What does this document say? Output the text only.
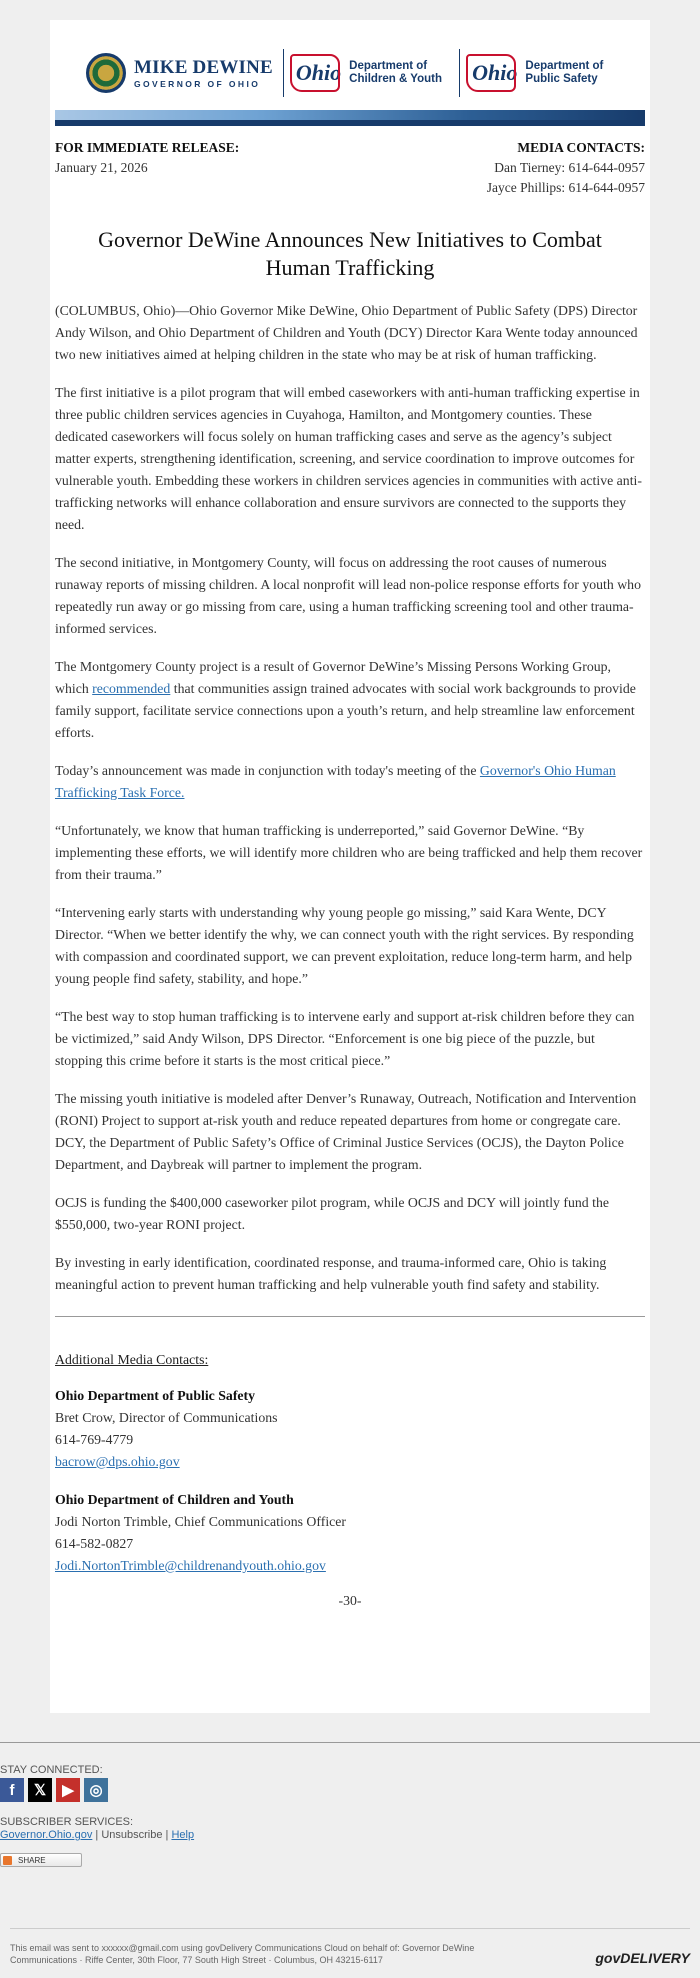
MIKE DEWINE
GOVERNOR OF OHIO	Ohio Department of Children & Youth	Ohio Department of Public Safety
FOR IMMEDIATE RELEASE:
January 21, 2026
MEDIA CONTACTS:
Dan Tierney: 614-644-0957
Jayce Phillips: 614-644-0957
Governor DeWine Announces New Initiatives to Combat Human Trafficking

(COLUMBUS, Ohio)—Ohio Governor Mike DeWine, Ohio Department of Public Safety (DPS) Director Andy Wilson, and Ohio Department of Children and Youth (DCY) Director Kara Wente today announced two new initiatives aimed at helping children in the state who may be at risk of human trafficking.

The first initiative is a pilot program that will embed caseworkers with anti-human trafficking expertise in three public children services agencies in Cuyahoga, Hamilton, and Montgomery counties. These dedicated caseworkers will focus solely on human trafficking cases and serve as the agency’s subject matter experts, strengthening identification, screening, and service coordination to improve outcomes for vulnerable youth. Embedding these workers in children services agencies in communities with active anti-trafficking networks will enhance collaboration and ensure survivors are connected to the supports they need.

The second initiative, in Montgomery County, will focus on addressing the root causes of numerous runaway reports of missing children. A local nonprofit will lead non-police response efforts for youth who repeatedly run away or go missing from care, using a human trafficking screening tool and other trauma-informed services.

The Montgomery County project is a result of Governor DeWine’s Missing Persons Working Group, which recommended that communities assign trained advocates with social work backgrounds to provide family support, facilitate service connections upon a youth’s return, and help streamline law enforcement efforts.

Today’s announcement was made in conjunction with today's meeting of the Governor's Ohio Human Trafficking Task Force.

“Unfortunately, we know that human trafficking is underreported,” said Governor DeWine. “By implementing these efforts, we will identify more children who are being trafficked and help them recover from their trauma.”

“Intervening early starts with understanding why young people go missing,” said Kara Wente, DCY Director. “When we better identify the why, we can connect youth with the right services. By responding with compassion and coordinated support, we can prevent exploitation, reduce long-term harm, and help young people find safety, stability, and hope.”

“The best way to stop human trafficking is to intervene early and support at-risk children before they can be victimized,” said Andy Wilson, DPS Director. “Enforcement is one big piece of the puzzle, but stopping this crime before it starts is the most critical piece.”

The missing youth initiative is modeled after Denver’s Runaway, Outreach, Notification and Intervention (RONI) Project to support at-risk youth and reduce repeated departures from home or congregate care. DCY, the Department of Public Safety’s Office of Criminal Justice Services (OCJS), the Dayton Police Department, and Daybreak will partner to implement the program.

OCJS is funding the $400,000 caseworker pilot program, while OCJS and DCY will jointly fund the $550,000, two-year RONI project.

By investing in early identification, coordinated response, and trauma-informed care, Ohio is taking meaningful action to prevent human trafficking and help vulnerable youth find safety and stability.

Additional Media Contacts:
Ohio Department of Public Safety
Bret Crow, Director of Communications
614-769-4779
bacrow@dps.ohio.gov
Ohio Department of Children and Youth
Jodi Norton Trimble, Chief Communications Officer
614-582-0827
Jodi.NortonTrimble@childrenandyouth.ohio.gov
-30-
STAY CONNECTED:
f	𝕏	▶	◎
SUBSCRIBER SERVICES:
Governor.Ohio.gov | Unsubscribe | Help
SHARE
This email was sent to xxxxxx@gmail.com using govDelivery Communications Cloud on behalf of: Governor DeWine Communications · Riffe Center, 30th Floor, 77 South High Street · Columbus, OH 43215-6117	govDELIVERY
